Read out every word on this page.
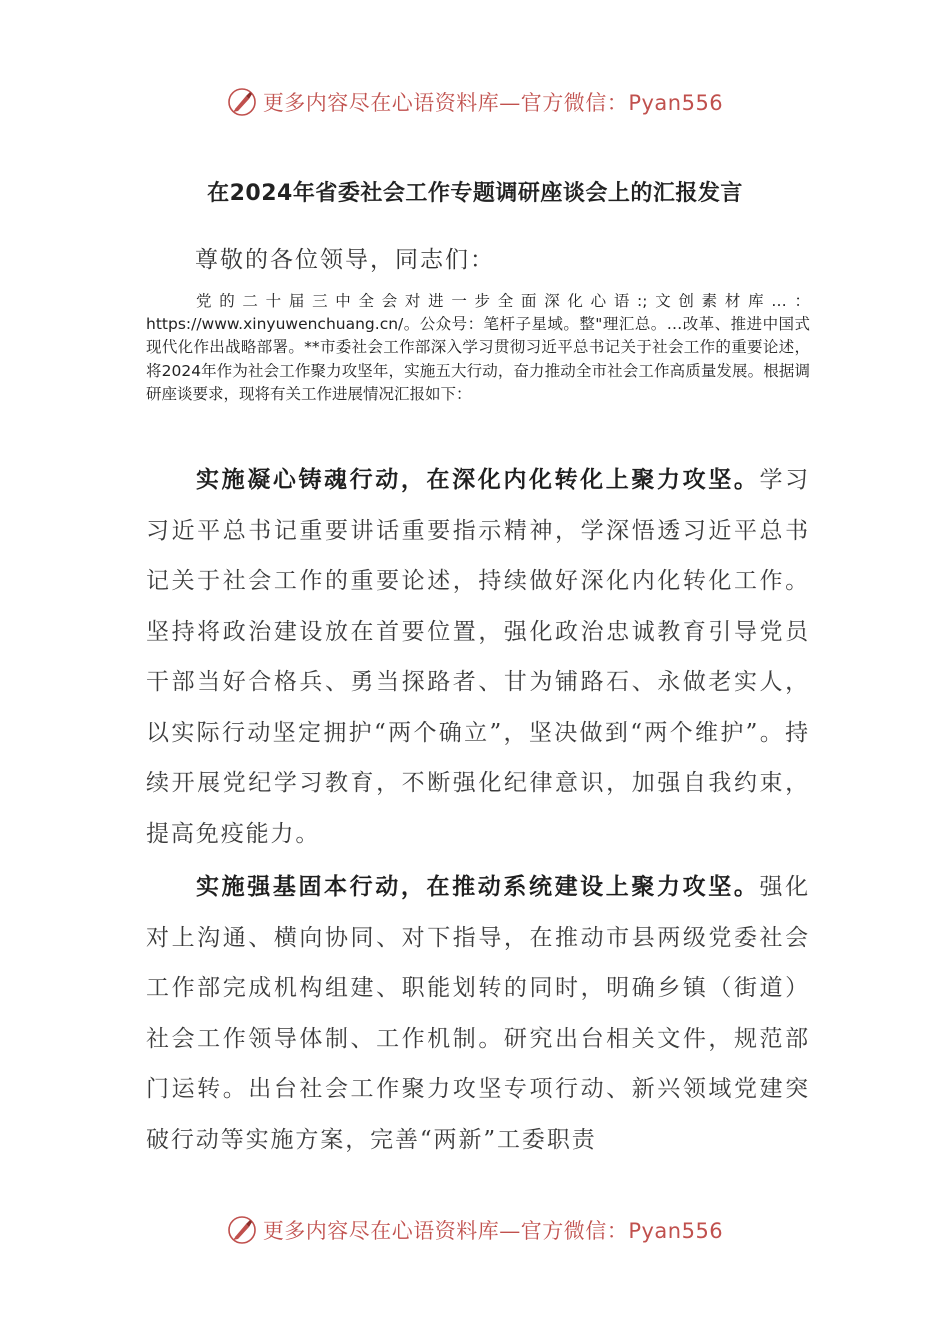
更多内容尽在心语资料库—官方微信：Pyan556
在2024年省委社会工作专题调研座谈会上的汇报发言
尊敬的各位领导，同志们：
党的二十届三中全会对进一步全面深化心语:;文创素材库…：https://www.xinyuwenchuang.cn/。公众号：笔杆子星域。整"理汇总。…改革、推进中国式现代化作出战略部署。**市委社会工作部深入学习贯彻习近平总书记关于社会工作的重要论述，将2024年作为社会工作聚力攻坚年，实施五大行动，奋力推动全市社会工作高质量发展。根据调研座谈要求，现将有关工作进展情况汇报如下：
实施凝心铸魂行动，在深化内化转化上聚力攻坚。学习习近平总书记重要讲话重要指示精神，学深悟透习近平总书记关于社会工作的重要论述，持续做好深化内化转化工作。坚持将政治建设放在首要位置，强化政治忠诚教育引导党员干部当好合格兵、勇当探路者、甘为铺路石、永做老实人，以实际行动坚定拥护“两个确立”，坚决做到“两个维护”。持续开展党纪学习教育，不断强化纪律意识，加强自我约束，提高免疫能力。
实施强基固本行动，在推动系统建设上聚力攻坚。强化对上沟通、横向协同、对下指导，在推动市县两级党委社会工作部完成机构组建、职能划转的同时，明确乡镇（街道）社会工作领导体制、工作机制。研究出台相关文件，规范部门运转。出台社会工作聚力攻坚专项行动、新兴领域党建突破行动等实施方案，完善“两新”工委职责
更多内容尽在心语资料库—官方微信：Pyan556
